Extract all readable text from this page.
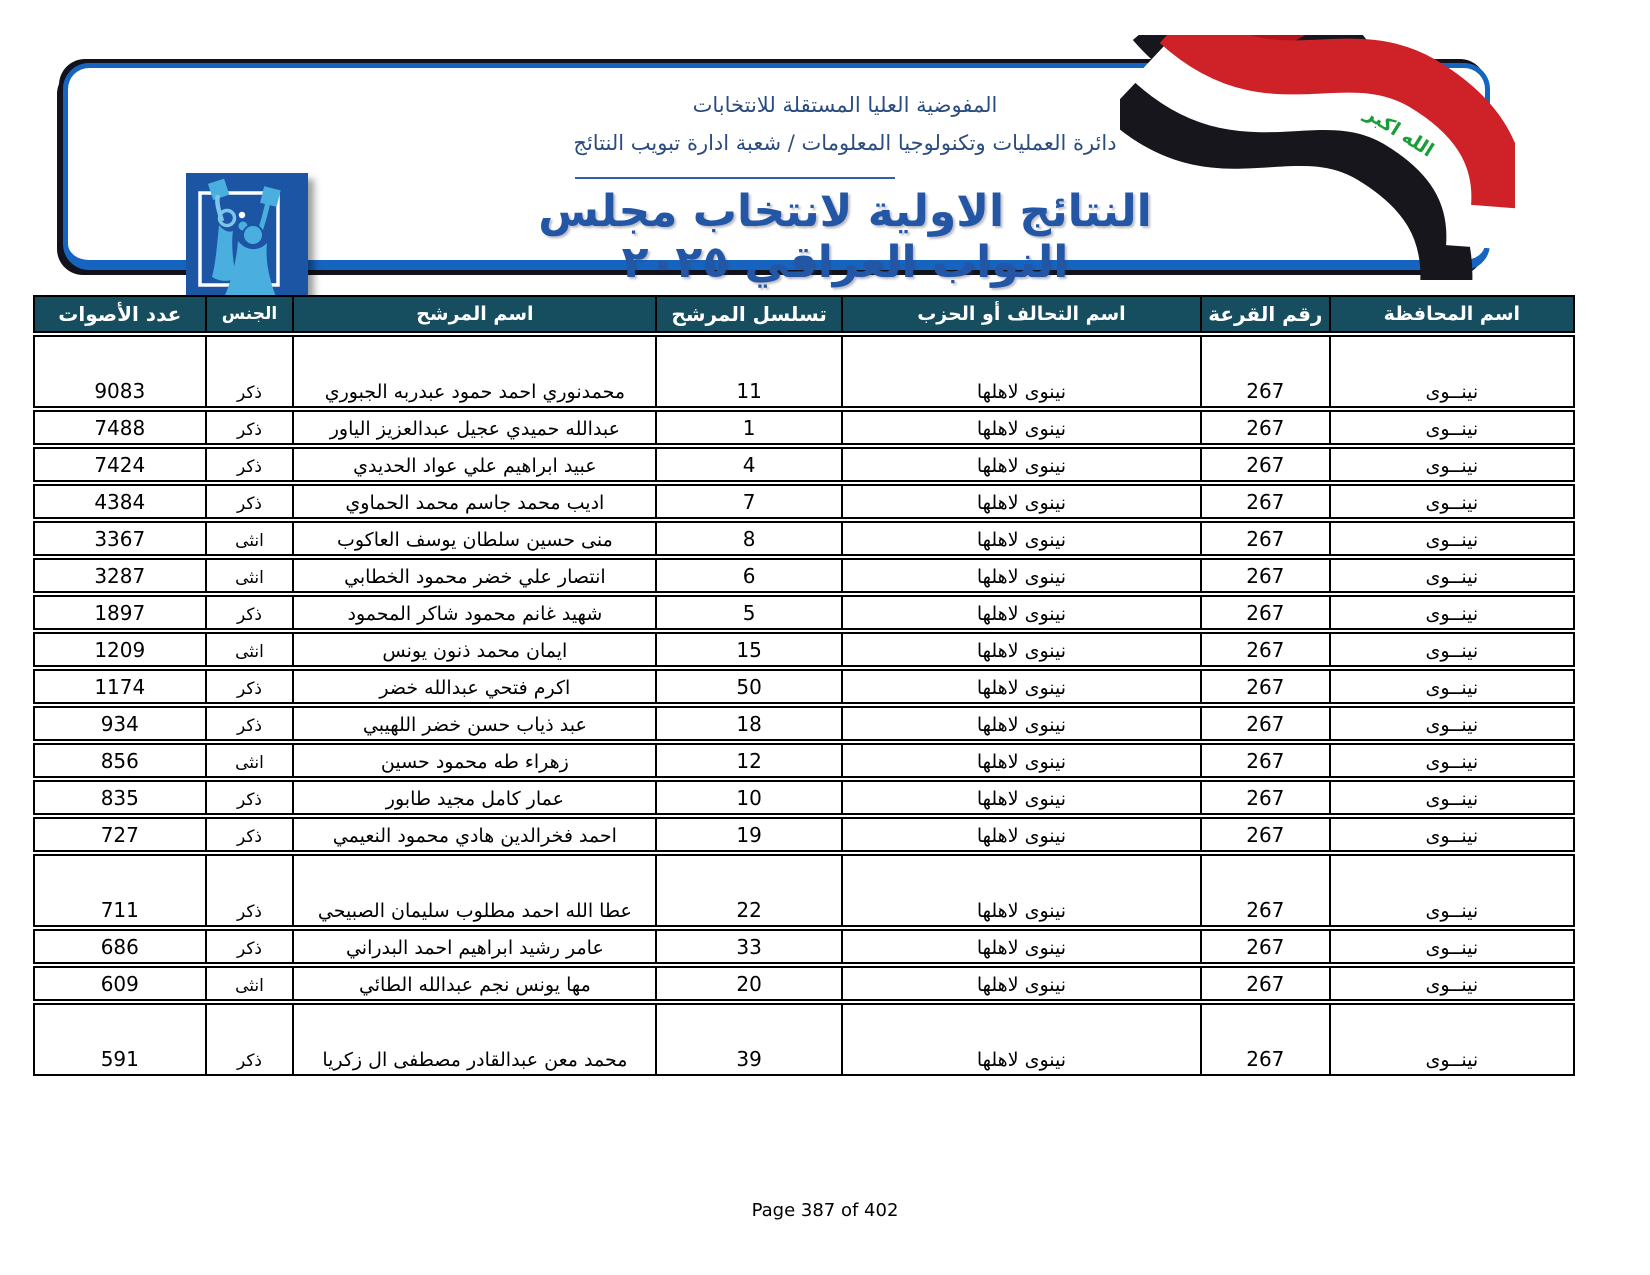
المفوضية العليا المستقلة للانتخابات
دائرة العمليات وتكنولوجيا المعلومات / شعبة ادارة تبويب النتائج
النتائج الاولية لانتخاب مجلس النواب العراقي ٢٠٢٥
الله اكبر
اسم المحافظة
رقم القرعة
اسم التحالف أو الحزب
تسلسل المرشح
اسم المرشح
الجنس
عدد الأصوات
نينــوى
267
نينوى لاهلها
11
محمدنوري احمد حمود عبدربه الجبوري
ذكر
9083
نينــوى
267
نينوى لاهلها
1
عبدالله حميدي عجيل عبدالعزيز الياور
ذكر
7488
نينــوى
267
نينوى لاهلها
4
عبيد ابراهيم علي عواد الحديدي
ذكر
7424
نينــوى
267
نينوى لاهلها
7
اديب محمد جاسم محمد الحماوي
ذكر
4384
نينــوى
267
نينوى لاهلها
8
منى حسين سلطان يوسف العاكوب
انثى
3367
نينــوى
267
نينوى لاهلها
6
انتصار علي خضر محمود الخطابي
انثى
3287
نينــوى
267
نينوى لاهلها
5
شهيد غانم محمود شاكر المحمود
ذكر
1897
نينــوى
267
نينوى لاهلها
15
ايمان محمد ذنون يونس
انثى
1209
نينــوى
267
نينوى لاهلها
50
اكرم فتحي عبدالله خضر
ذكر
1174
نينــوى
267
نينوى لاهلها
18
عبد ذياب حسن خضر اللهيبي
ذكر
934
نينــوى
267
نينوى لاهلها
12
زهراء طه محمود حسين
انثى
856
نينــوى
267
نينوى لاهلها
10
عمار كامل مجيد طابور
ذكر
835
نينــوى
267
نينوى لاهلها
19
احمد فخرالدين هادي محمود النعيمي
ذكر
727
نينــوى
267
نينوى لاهلها
22
عطا الله احمد مطلوب سليمان الصبيحي
ذكر
711
نينــوى
267
نينوى لاهلها
33
عامر رشيد ابراهيم احمد البدراني
ذكر
686
نينــوى
267
نينوى لاهلها
20
مها يونس نجم عبدالله الطائي
انثى
609
نينــوى
267
نينوى لاهلها
39
محمد معن عبدالقادر مصطفى ال زكريا
ذكر
591
Page 387 of 402
